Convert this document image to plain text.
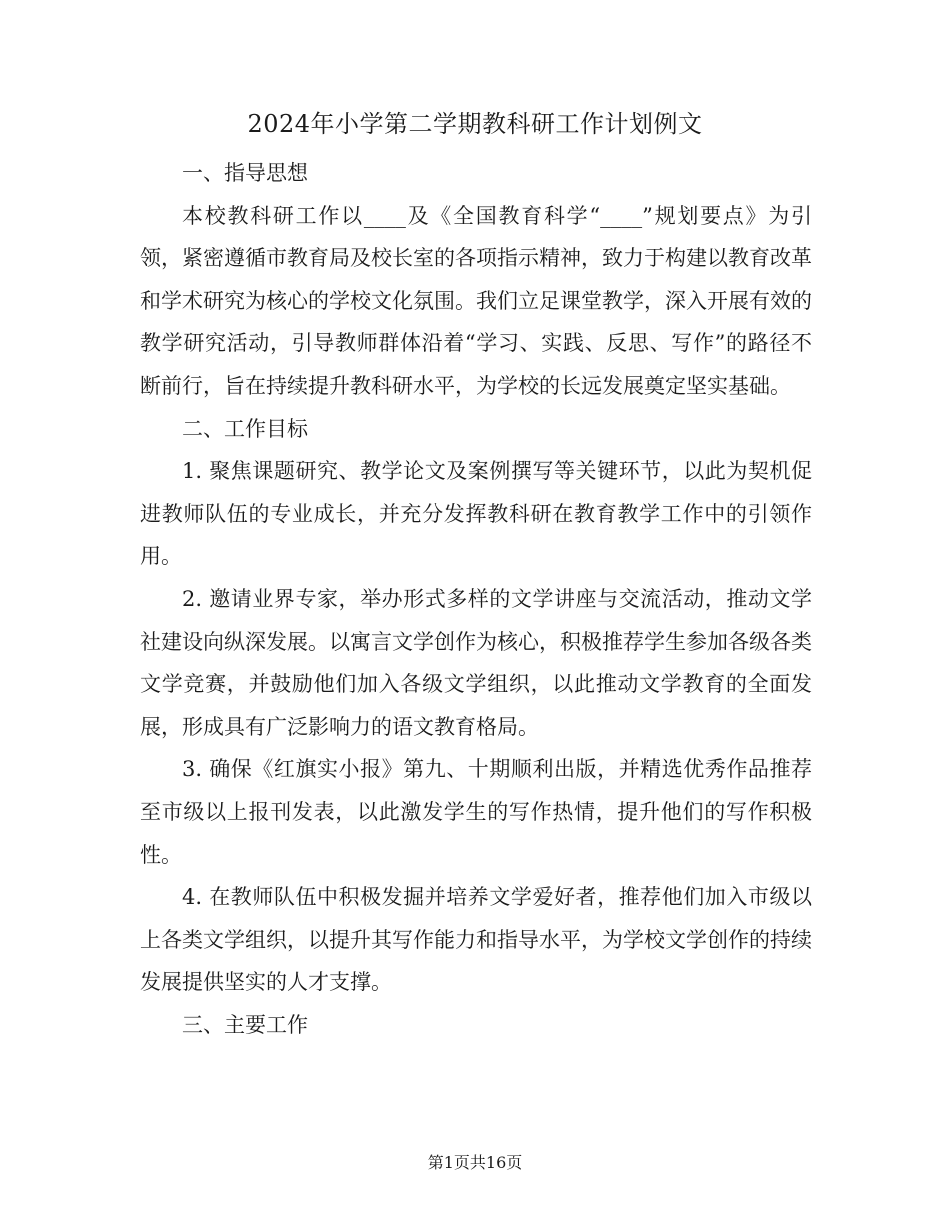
2024年小学第二学期教科研工作计划例文

一、指导思想

本校教科研工作以____及《全国教育科学“____”规划要点》为引领，紧密遵循市教育局及校长室的各项指示精神，致力于构建以教育改革和学术研究为核心的学校文化氛围。我们立足课堂教学，深入开展有效的教学研究活动，引导教师群体沿着“学习、实践、反思、写作”的路径不断前行，旨在持续提升教科研水平，为学校的长远发展奠定坚实基础。

二、工作目标

1. 聚焦课题研究、教学论文及案例撰写等关键环节，以此为契机促进教师队伍的专业成长，并充分发挥教科研在教育教学工作中的引领作用。

2. 邀请业界专家，举办形式多样的文学讲座与交流活动，推动文学社建设向纵深发展。以寓言文学创作为核心，积极推荐学生参加各级各类文学竞赛，并鼓励他们加入各级文学组织，以此推动文学教育的全面发展，形成具有广泛影响力的语文教育格局。

3. 确保《红旗实小报》第九、十期顺利出版，并精选优秀作品推荐至市级以上报刊发表，以此激发学生的写作热情，提升他们的写作积极性。

4. 在教师队伍中积极发掘并培养文学爱好者，推荐他们加入市级以上各类文学组织，以提升其写作能力和指导水平，为学校文学创作的持续发展提供坚实的人才支撑。

三、主要工作

第1页共16页
